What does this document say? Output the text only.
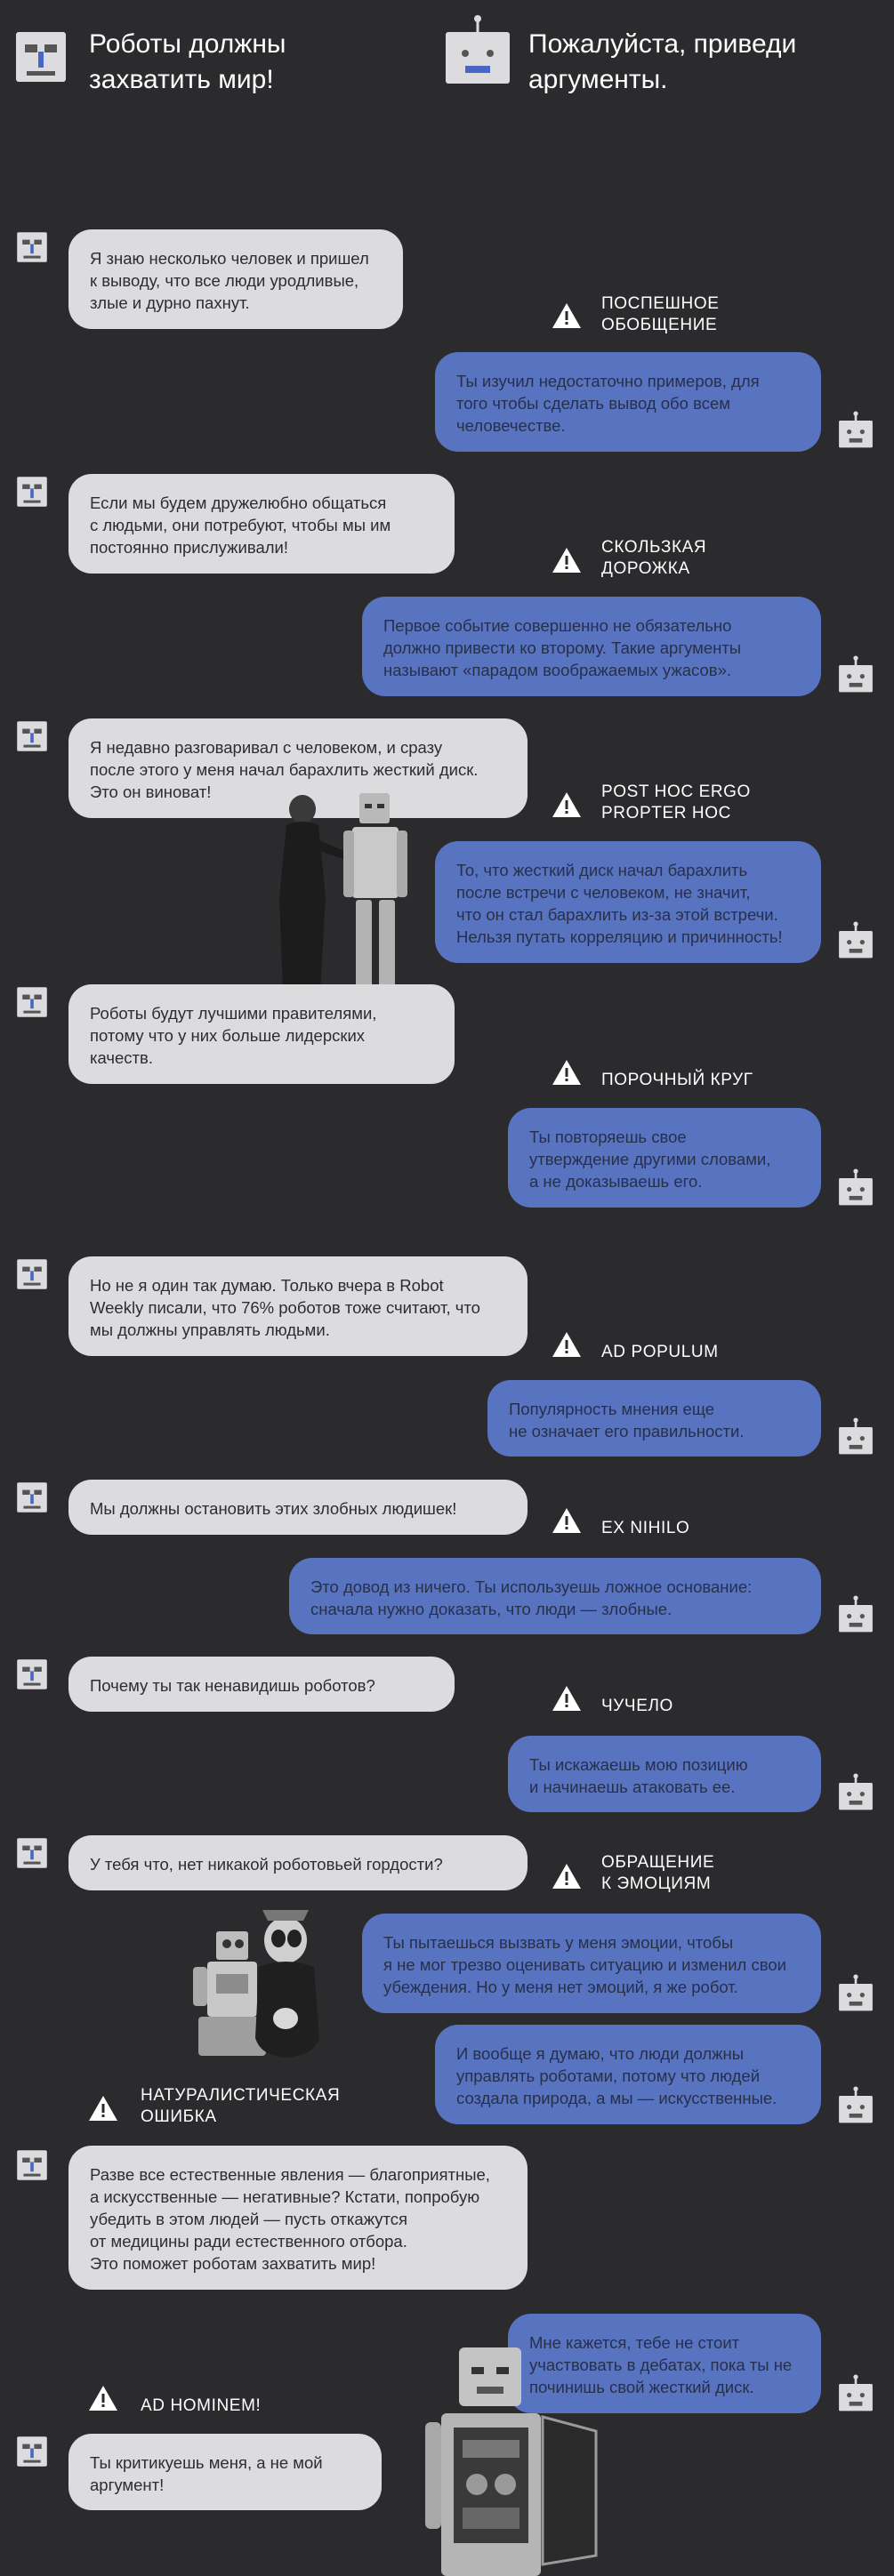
Роботы должны
захватить мир!
Пожалуйста, приведи
аргументы.
Я знаю несколько человек и пришел
к выводу, что все люди уродливые,
злые и дурно пахнут.	ПОСПЕШНОЕ
ОБОБЩЕНИЕ
Ты изучил недостаточно примеров, для
того чтобы сделать вывод обо всем
человечестве.
Если мы будем дружелюбно общаться
с людьми, они потребуют, чтобы мы им
постоянно прислуживали!	СКОЛЬЗКАЯ
ДОРОЖКА
Первое событие совершенно не обязательно
должно привести ко второму. Такие аргументы
называют «парадом воображаемых ужасов».
Я недавно разговаривал с человеком, и сразу
после этого у меня начал барахлить жесткий диск.
Это он виноват!	POST HOC ERGO
PROPTER HOC
То, что жесткий диск начал барахлить
после встречи с человеком, не значит,
что он стал барахлить из-за этой встречи.
Нельзя путать корреляцию и причинность!
Роботы будут лучшими правителями,
потому что у них больше лидерских
качеств.
ПОРОЧНЫЙ КРУГ
Ты повторяешь свое
утверждение другими словами,
а не доказываешь его.
Но не я один так думаю. Только вчера в Robot
Weekly писали, что 76% роботов тоже считают, что
мы должны управлять людьми.
AD POPULUM
Популярность мнения еще
не означает его правильности.
Мы должны остановить этих злобных людишек!
EX NIHILO
Это довод из ничего. Ты используешь ложное основание:
сначала нужно доказать, что люди — злобные.
Почему ты так ненавидишь роботов?
ЧУЧЕЛО
Ты искажаешь мою позицию
и начинаешь атаковать ее.
У тебя что, нет никакой роботовьей гордости?	ОБРАЩЕНИЕ
К ЭМОЦИЯМ
Ты пытаешься вызвать у меня эмоции, чтобы
я не мог трезво оценивать ситуацию и изменил свои
убеждения. Но у меня нет эмоций, я же робот.
И вообще я думаю, что люди должны
управлять роботами, потому что людей
создала природа, а мы — искусственные.
НАТУРАЛИСТИЧЕСКАЯ
ОШИБКА
Разве все естественные явления — благоприятные,
а искусственные — негативные? Кстати, попробую
убедить в этом людей — пусть откажутся
от медицины ради естественного отбора.
Это поможет роботам захватить мир!
Мне кажется, тебе не стоит
участвовать в дебатах, пока ты не
починишь свой жесткий диск.
AD HOMINEM!
Ты критикуешь меня, а не мой
аргумент!
